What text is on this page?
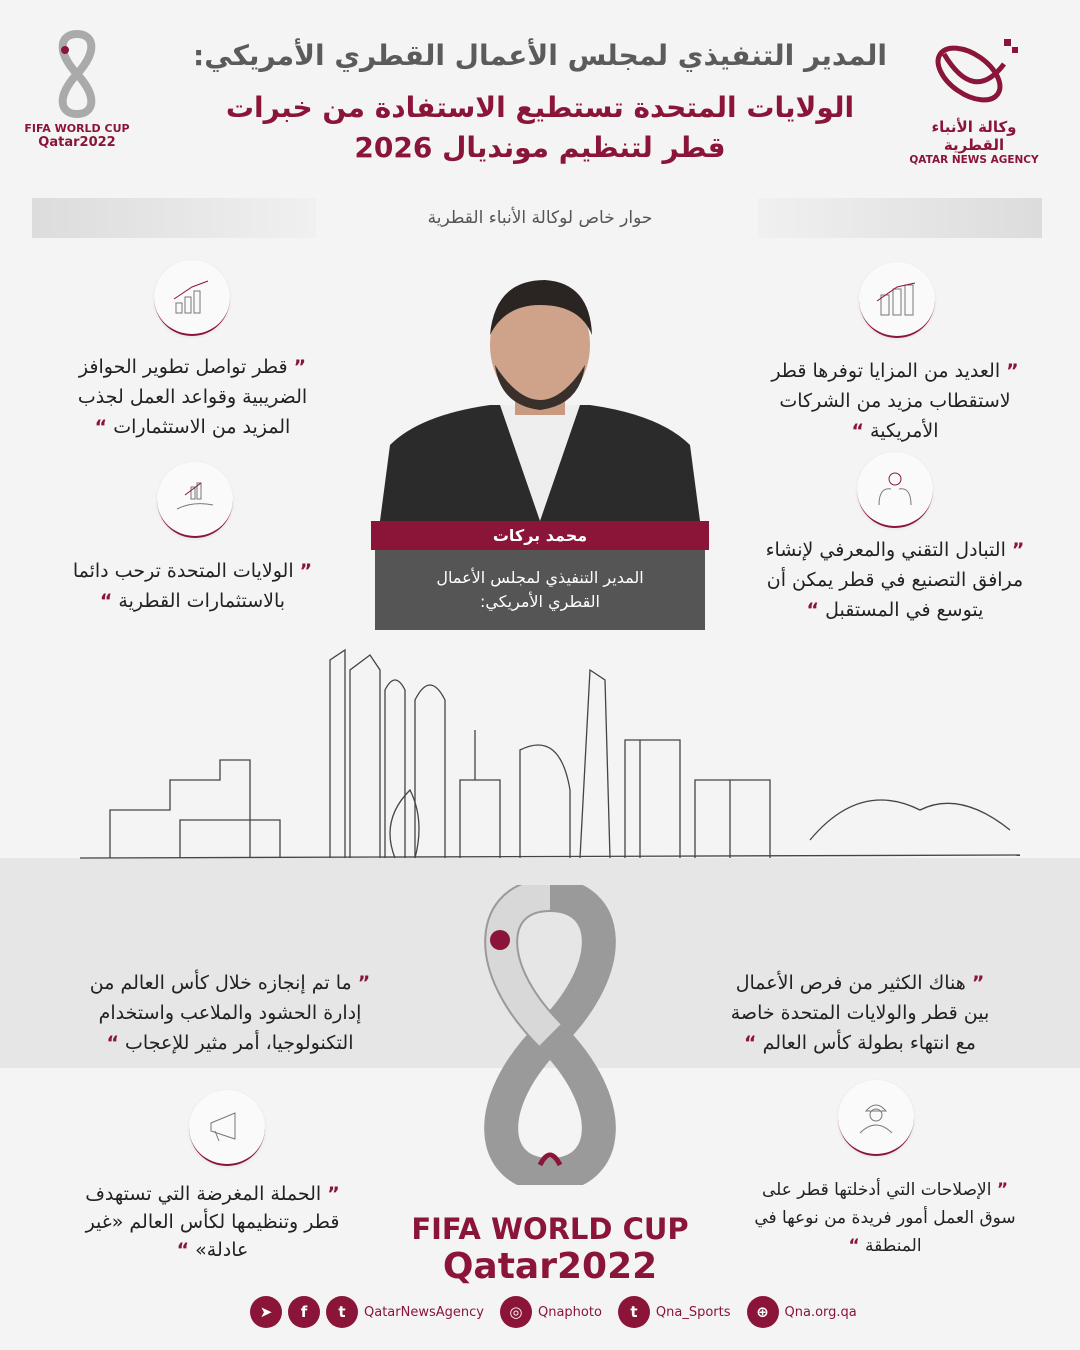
المدير التنفيذي لمجلس الأعمال القطري الأمريكي:
الولايات المتحدة تستطيع الاستفادة من خبرات
قطر لتنظيم مونديال 2026
وكالة الأنباء القطرية
QATAR NEWS AGENCY
FIFA WORLD CUP
Qatar2022
حوار خاص لوكالة الأنباء القطرية
محمد بركات
المدير التنفيذي لمجلس الأعمال
القطري الأمريكي:
” العديد من المزايا توفرها قطر
لاستقطاب مزيد من الشركات
الأمريكية “
” قطر تواصل تطوير الحوافز
الضريبية وقواعد العمل لجذب
المزيد من الاستثمارات “
” التبادل التقني والمعرفي لإنشاء
مرافق التصنيع في قطر يمكن أن
يتوسع في المستقبل “
” الولايات المتحدة ترحب دائما
بالاستثمارات القطرية “
” ما تم إنجازه خلال كأس العالم من
إدارة الحشود والملاعب واستخدام
التكنولوجيا، أمر مثير للإعجاب “
” هناك الكثير من فرص الأعمال
بين قطر والولايات المتحدة خاصة
مع انتهاء بطولة كأس العالم “
” الإصلاحات التي أدخلتها قطر على
سوق العمل أمور فريدة من نوعها في
المنطقة “
” الحملة المغرضة التي تستهدف
قطر وتنظيمها لكأس العالم «غير
عادلة» “
FIFA WORLD CUP
Qatar2022
➤	f	t	QatarNewsAgency	◎	Qnaphoto	t	Qna_Sports	⊕	Qna.org.qa
